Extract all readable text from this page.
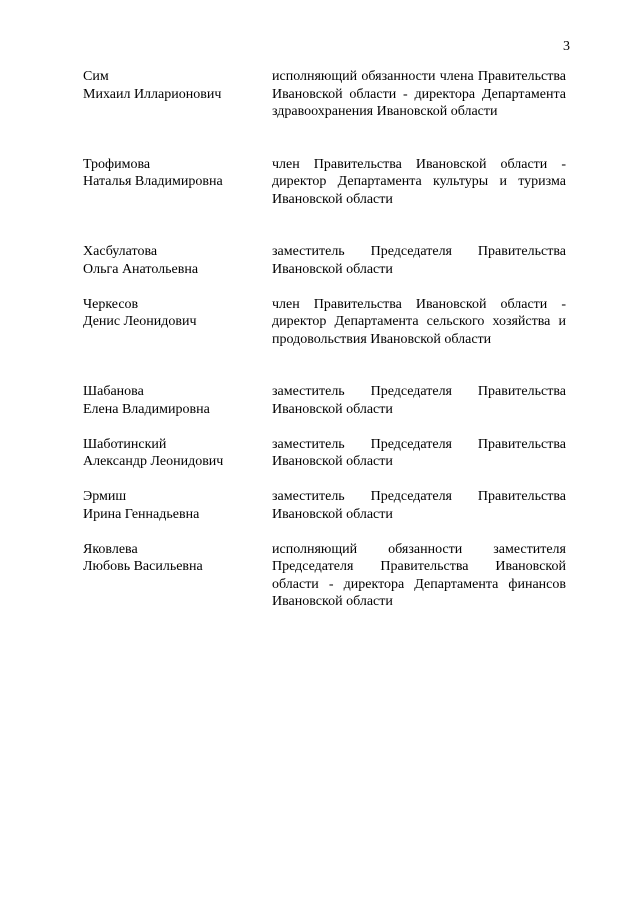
3
Сим
Михаил Илларионович
исполняющий обязанности члена Правительства Ивановской области - директора Департамента здравоохранения Ивановской области
Трофимова
Наталья Владимировна
член Правительства Ивановской области - директор Департамента культуры и туризма Ивановской области
Хасбулатова
Ольга Анатольевна
заместитель Председателя Правительства Ивановской области
Черкесов
Денис Леонидович
член Правительства Ивановской области - директор Департамента сельского хозяйства и продовольствия Ивановской области
Шабанова
Елена Владимировна
заместитель Председателя Правительства Ивановской области
Шаботинский
Александр Леонидович
заместитель Председателя Правительства Ивановской области
Эрмиш
Ирина Геннадьевна
заместитель Председателя Правительства Ивановской области
Яковлева
Любовь Васильевна
исполняющий обязанности заместителя Председателя Правительства Ивановской области - директора Департамента финансов Ивановской области
